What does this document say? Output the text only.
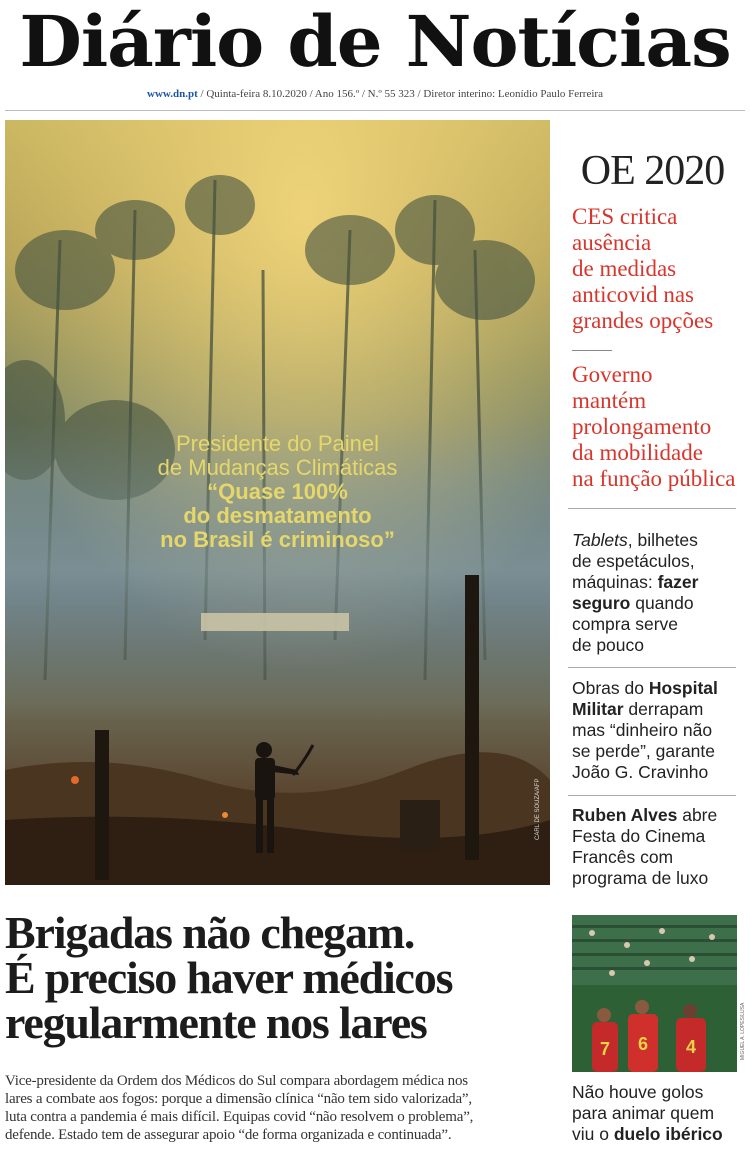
Diário de Notícias
www.dn.pt / Quinta-feira 8.10.2020 / Ano 156.º / N.º 55 323 / Diretor interino: Leonídio Paulo Ferreira
Presidente do Painel
de Mudanças Climáticas
“Quase 100%
do desmatamento
no Brasil é criminoso”
CARL DE SOUZA/AFP
OE 2020
CES critica
ausência
de medidas
anticovid nas
grandes opções
Governo
mantém
prolongamento
da mobilidade
na função pública
Tablets, bilhetes
de espetáculos,
máquinas: fazer
seguro quando
compra serve
de pouco
Obras do Hospital
Militar derrapam
mas “dinheiro não
se perde”, garante
João G. Cravinho
Ruben Alves abre
Festa do Cinema
Francês com
programa de luxo
Brigadas não chegam.
É preciso haver médicos
regularmente nos lares
Vice-presidente da Ordem dos Médicos do Sul compara abordagem médica nos
lares a combate aos fogos: porque a dimensão clínica “não tem sido valorizada”,
luta contra a pandemia é mais difícil. Equipas covid “não resolvem o problema”,
defende. Estado tem de assegurar apoio “de forma organizada e continuada”.
7 6 4	MIGUEL A. LOPES/LUSA
Não houve golos
para animar quem
viu o duelo ibérico
